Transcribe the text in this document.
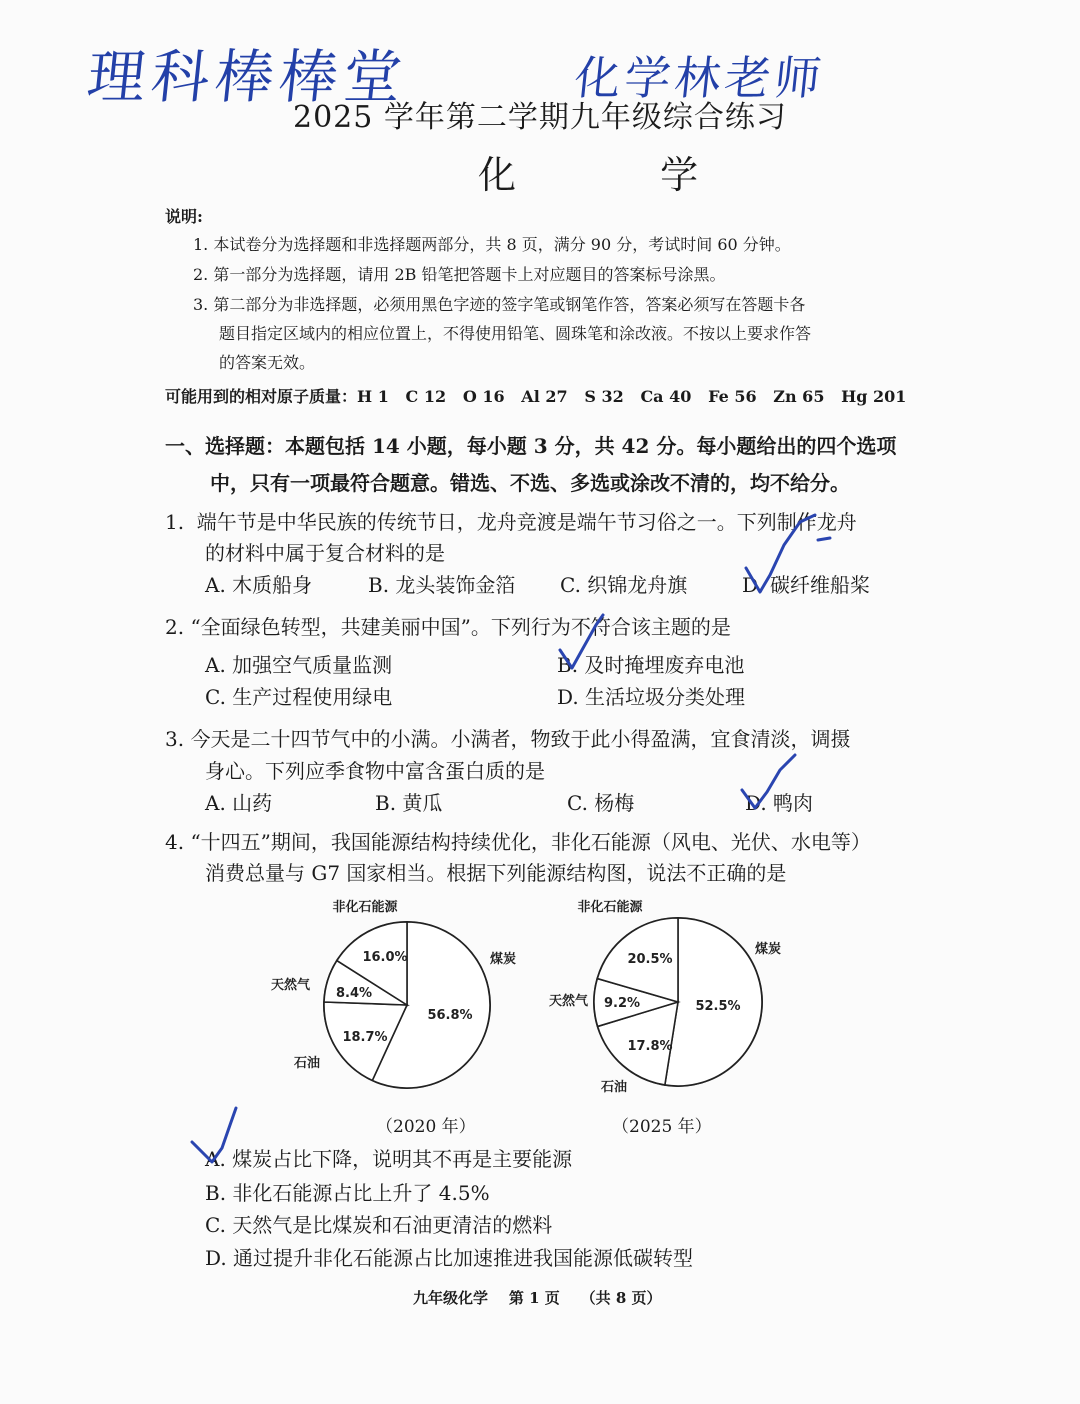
理科棒棒堂	化学林老师
2025 学年第二学期九年级综合练习
化  学
说明:
1. 本试卷分为选择题和非选择题两部分，共 8 页，满分 90 分，考试时间 60 分钟。
2. 第一部分为选择题，请用 2B 铅笔把答题卡上对应题目的答案标号涂黑。
3. 第二部分为非选择题，必须用黑色字迹的签字笔或钢笔作答，答案必须写在答题卡各
题目指定区域内的相应位置上，不得使用铅笔、圆珠笔和涂改液。不按以上要求作答
的答案无效。
可能用到的相对原子质量：H 1   C 12   O 16   Al 27   S 32   Ca 40   Fe 56   Zn 65   Hg 201
一、选择题：本题包括 14 小题，每小题 3 分，共 42 分。每小题给出的四个选项
中，只有一项最符合题意。错选、不选、多选或涂改不清的，均不给分。
1.  端午节是中华民族的传统节日，龙舟竞渡是端午节习俗之一。下列制作龙舟
的材料中属于复合材料的是
A. 木质船身	B. 龙头装饰金箔 C. 织锦龙舟旗	D. 碳纤维船桨
2. “全面绿色转型，共建美丽中国”。下列行为不符合该主题的是
A. 加强空气质量监测	B. 及时掩埋废弃电池
C. 生产过程使用绿电	D. 生活垃圾分类处理
3. 今天是二十四节气中的小满。小满者，物致于此小得盈满，宜食清淡，调摄
身心。下列应季食物中富含蛋白质的是
A. 山药	B. 黄瓜	C. 杨梅	D. 鸭肉
4. “十四五”期间，我国能源结构持续优化，非化石能源（风电、光伏、水电等）
消费总量与 G7 国家相当。根据下列能源结构图，说法不正确的是
56.8%
18.7%
8.4%
16.0%	煤炭
石油
天然气
非化石能源
52.5%
17.8%
9.2%
20.5%
煤炭
石油
天然气
非化石能源
（2020 年）	（2025 年）
A. 煤炭占比下降，说明其不再是主要能源
B. 非化石能源占比上升了 4.5%
C. 天然气是比煤炭和石油更清洁的燃料
D. 通过提升非化石能源占比加速推进我国能源低碳转型
九年级化学    第 1 页    （共 8 页）
